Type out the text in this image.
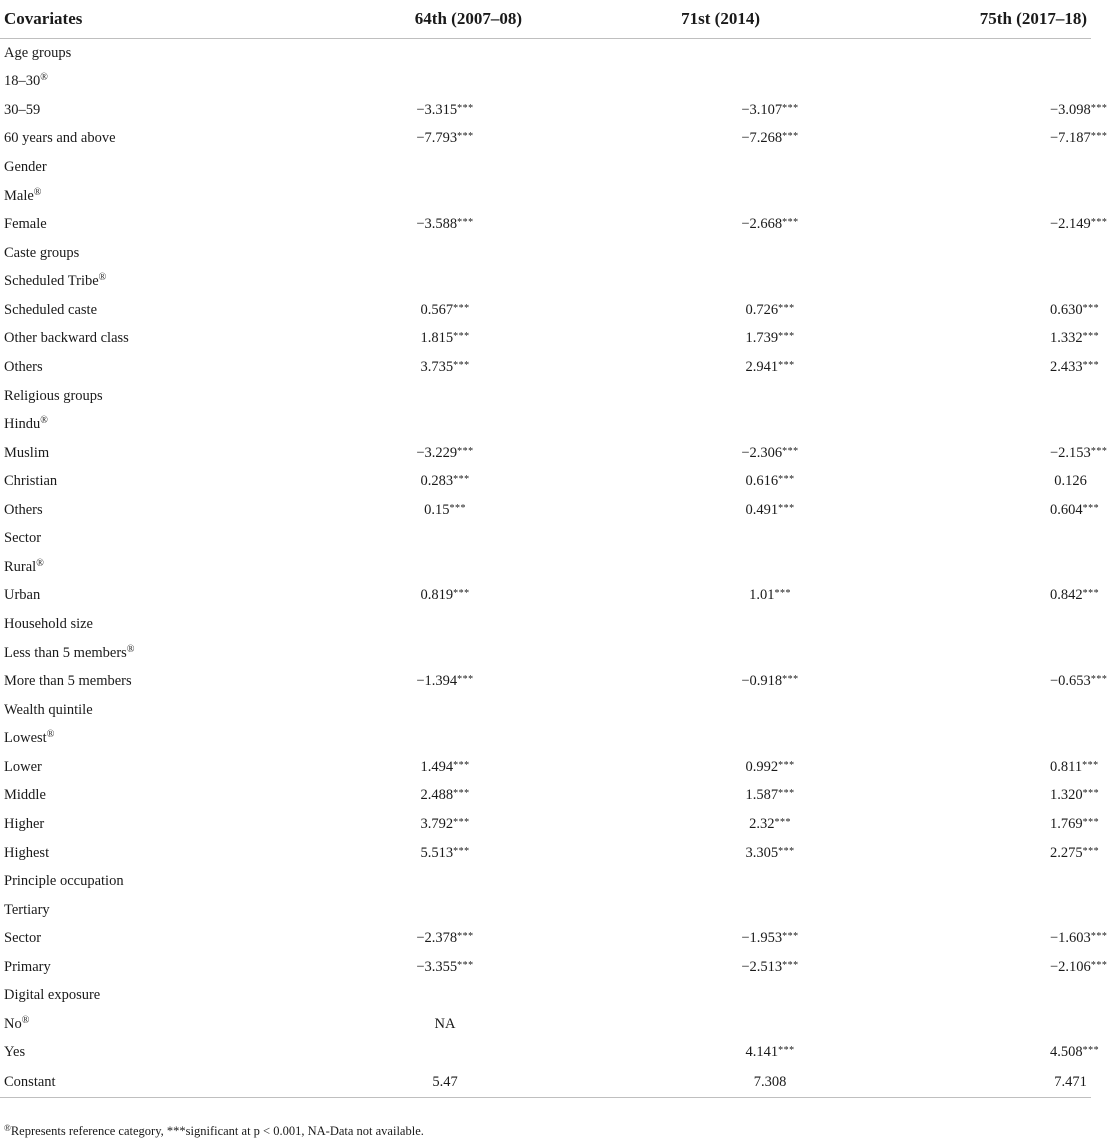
Covariates	64th (2007–08)	71st (2014)	75th (2017–18)
Age groups			
18–30®			
30–59	−3.315***	−3.107***	−3.098***
60 years and above	−7.793***	−7.268***	−7.187***
Gender			
Male®			
Female	−3.588***	−2.668***	−2.149***
Caste groups			
Scheduled Tribe®			
Scheduled caste	0.567***	0.726***	0.630***
Other backward class	1.815***	1.739***	1.332***
Others	3.735***	2.941***	2.433***
Religious groups			
Hindu®			
Muslim	−3.229***	−2.306***	−2.153***
Christian	0.283***	0.616***	0.126
Others	0.15***	0.491***	0.604***
Sector			
Rural®			
Urban	0.819***	1.01***	0.842***
Household size			
Less than 5 members®			
More than 5 members	−1.394***	−0.918***	−0.653***
Wealth quintile			
Lowest®			
Lower	1.494***	0.992***	0.811***
Middle	2.488***	1.587***	1.320***
Higher	3.792***	2.32***	1.769***
Highest	5.513***	3.305***	2.275***
Principle occupation			
Tertiary			
Sector	−2.378***	−1.953***	−1.603***
Primary	−3.355***	−2.513***	−2.106***
Digital exposure			
No®	NA		
Yes		4.141***	4.508***
Constant	5.47	7.308	7.471
®Represents reference category, ***significant at p < 0.001, NA-Data not available.
